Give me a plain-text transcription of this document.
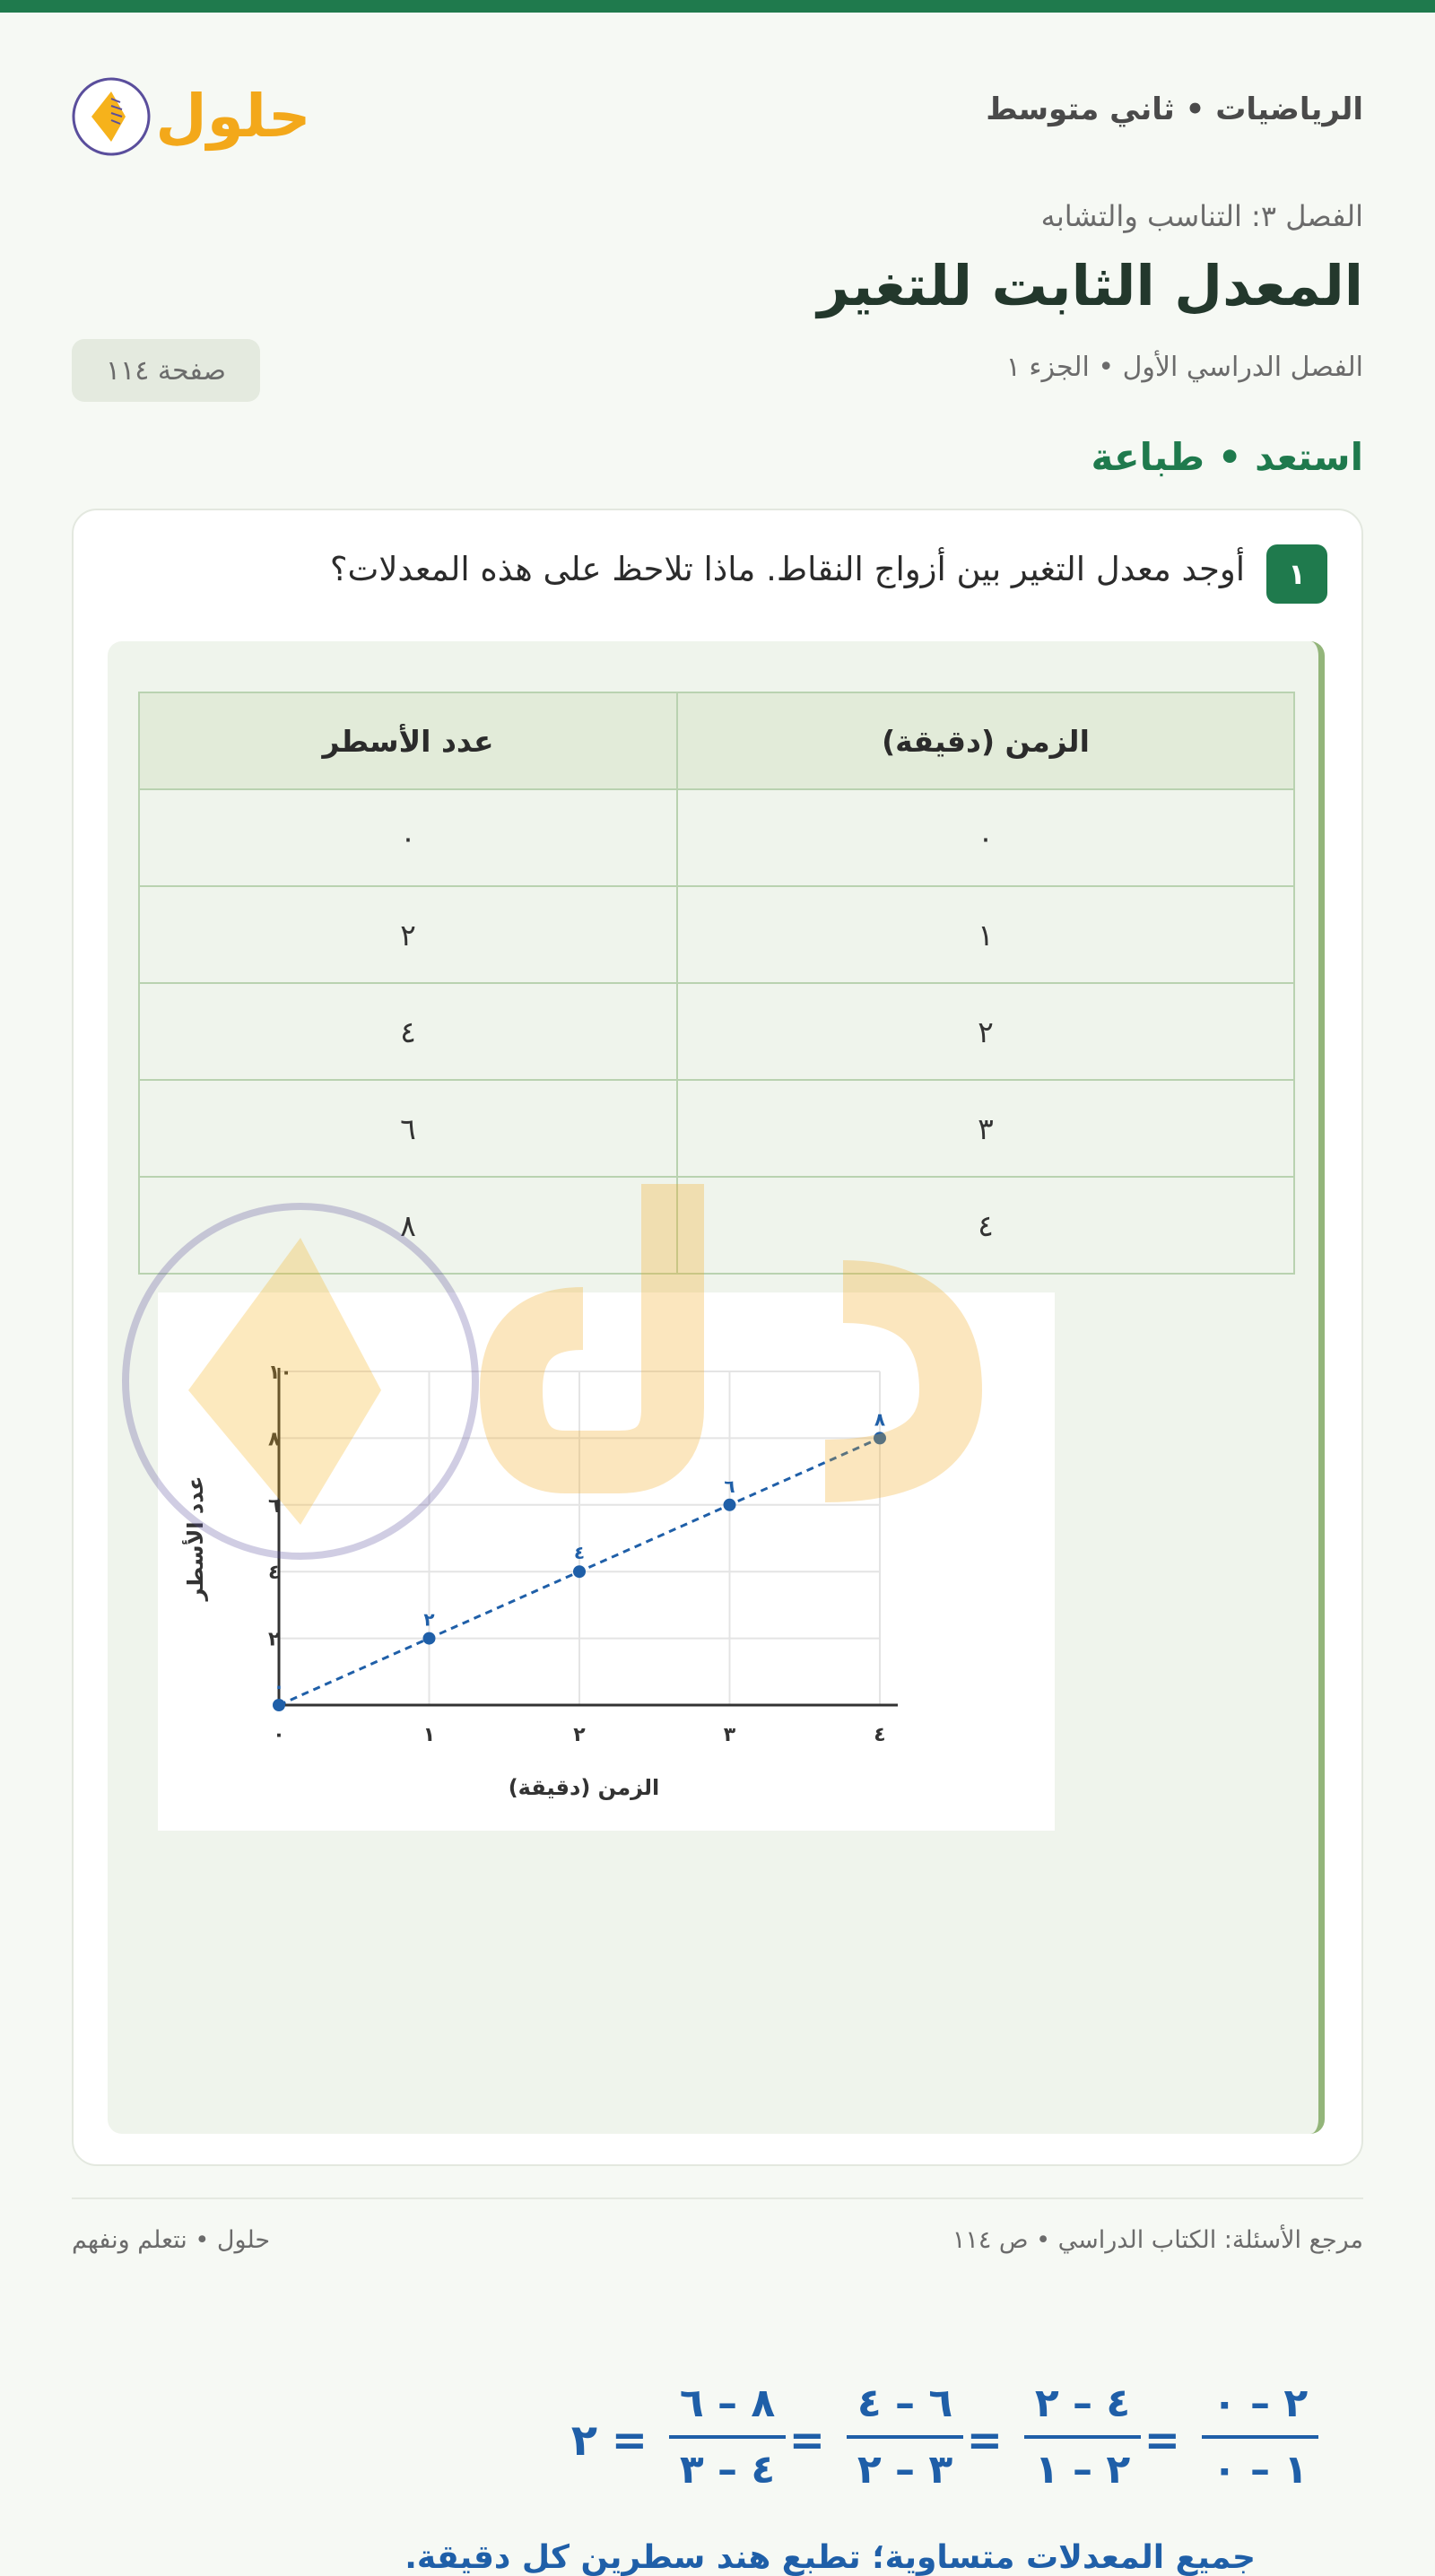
الرياضيات • ثاني متوسط
حلول
الفصل ٣: التناسب والتشابه
المعدل الثابت للتغير
الفصل الدراسي الأول • الجزء ١
صفحة ١١٤
استعد • طباعة
١
أوجد معدل التغير بين أزواج النقاط. ماذا تلاحظ على هذه المعدلات؟
الزمن (دقيقة)	عدد الأسطر
٠	٠
١	٢
٢	٤
٣	٦
٤	٨
٢ – ٠
١ – ٠
٤ – ٢
٢ – ١
٦ – ٤
٣ – ٢
٨ – ٦
٤ – ٣
=
=
=
=
٢
جميع المعدلات متساوية؛ تطبع هند سطرين كل دقيقة.
٠	١	٢	٣	٤
٢
٤
٦
٨
١٠
الزمن (دقيقة)
عدد الأسطر
٠
٢
٤
٦
٨
مرجع الأسئلة: الكتاب الدراسي • ص ١١٤
حلول • نتعلم ونفهم
